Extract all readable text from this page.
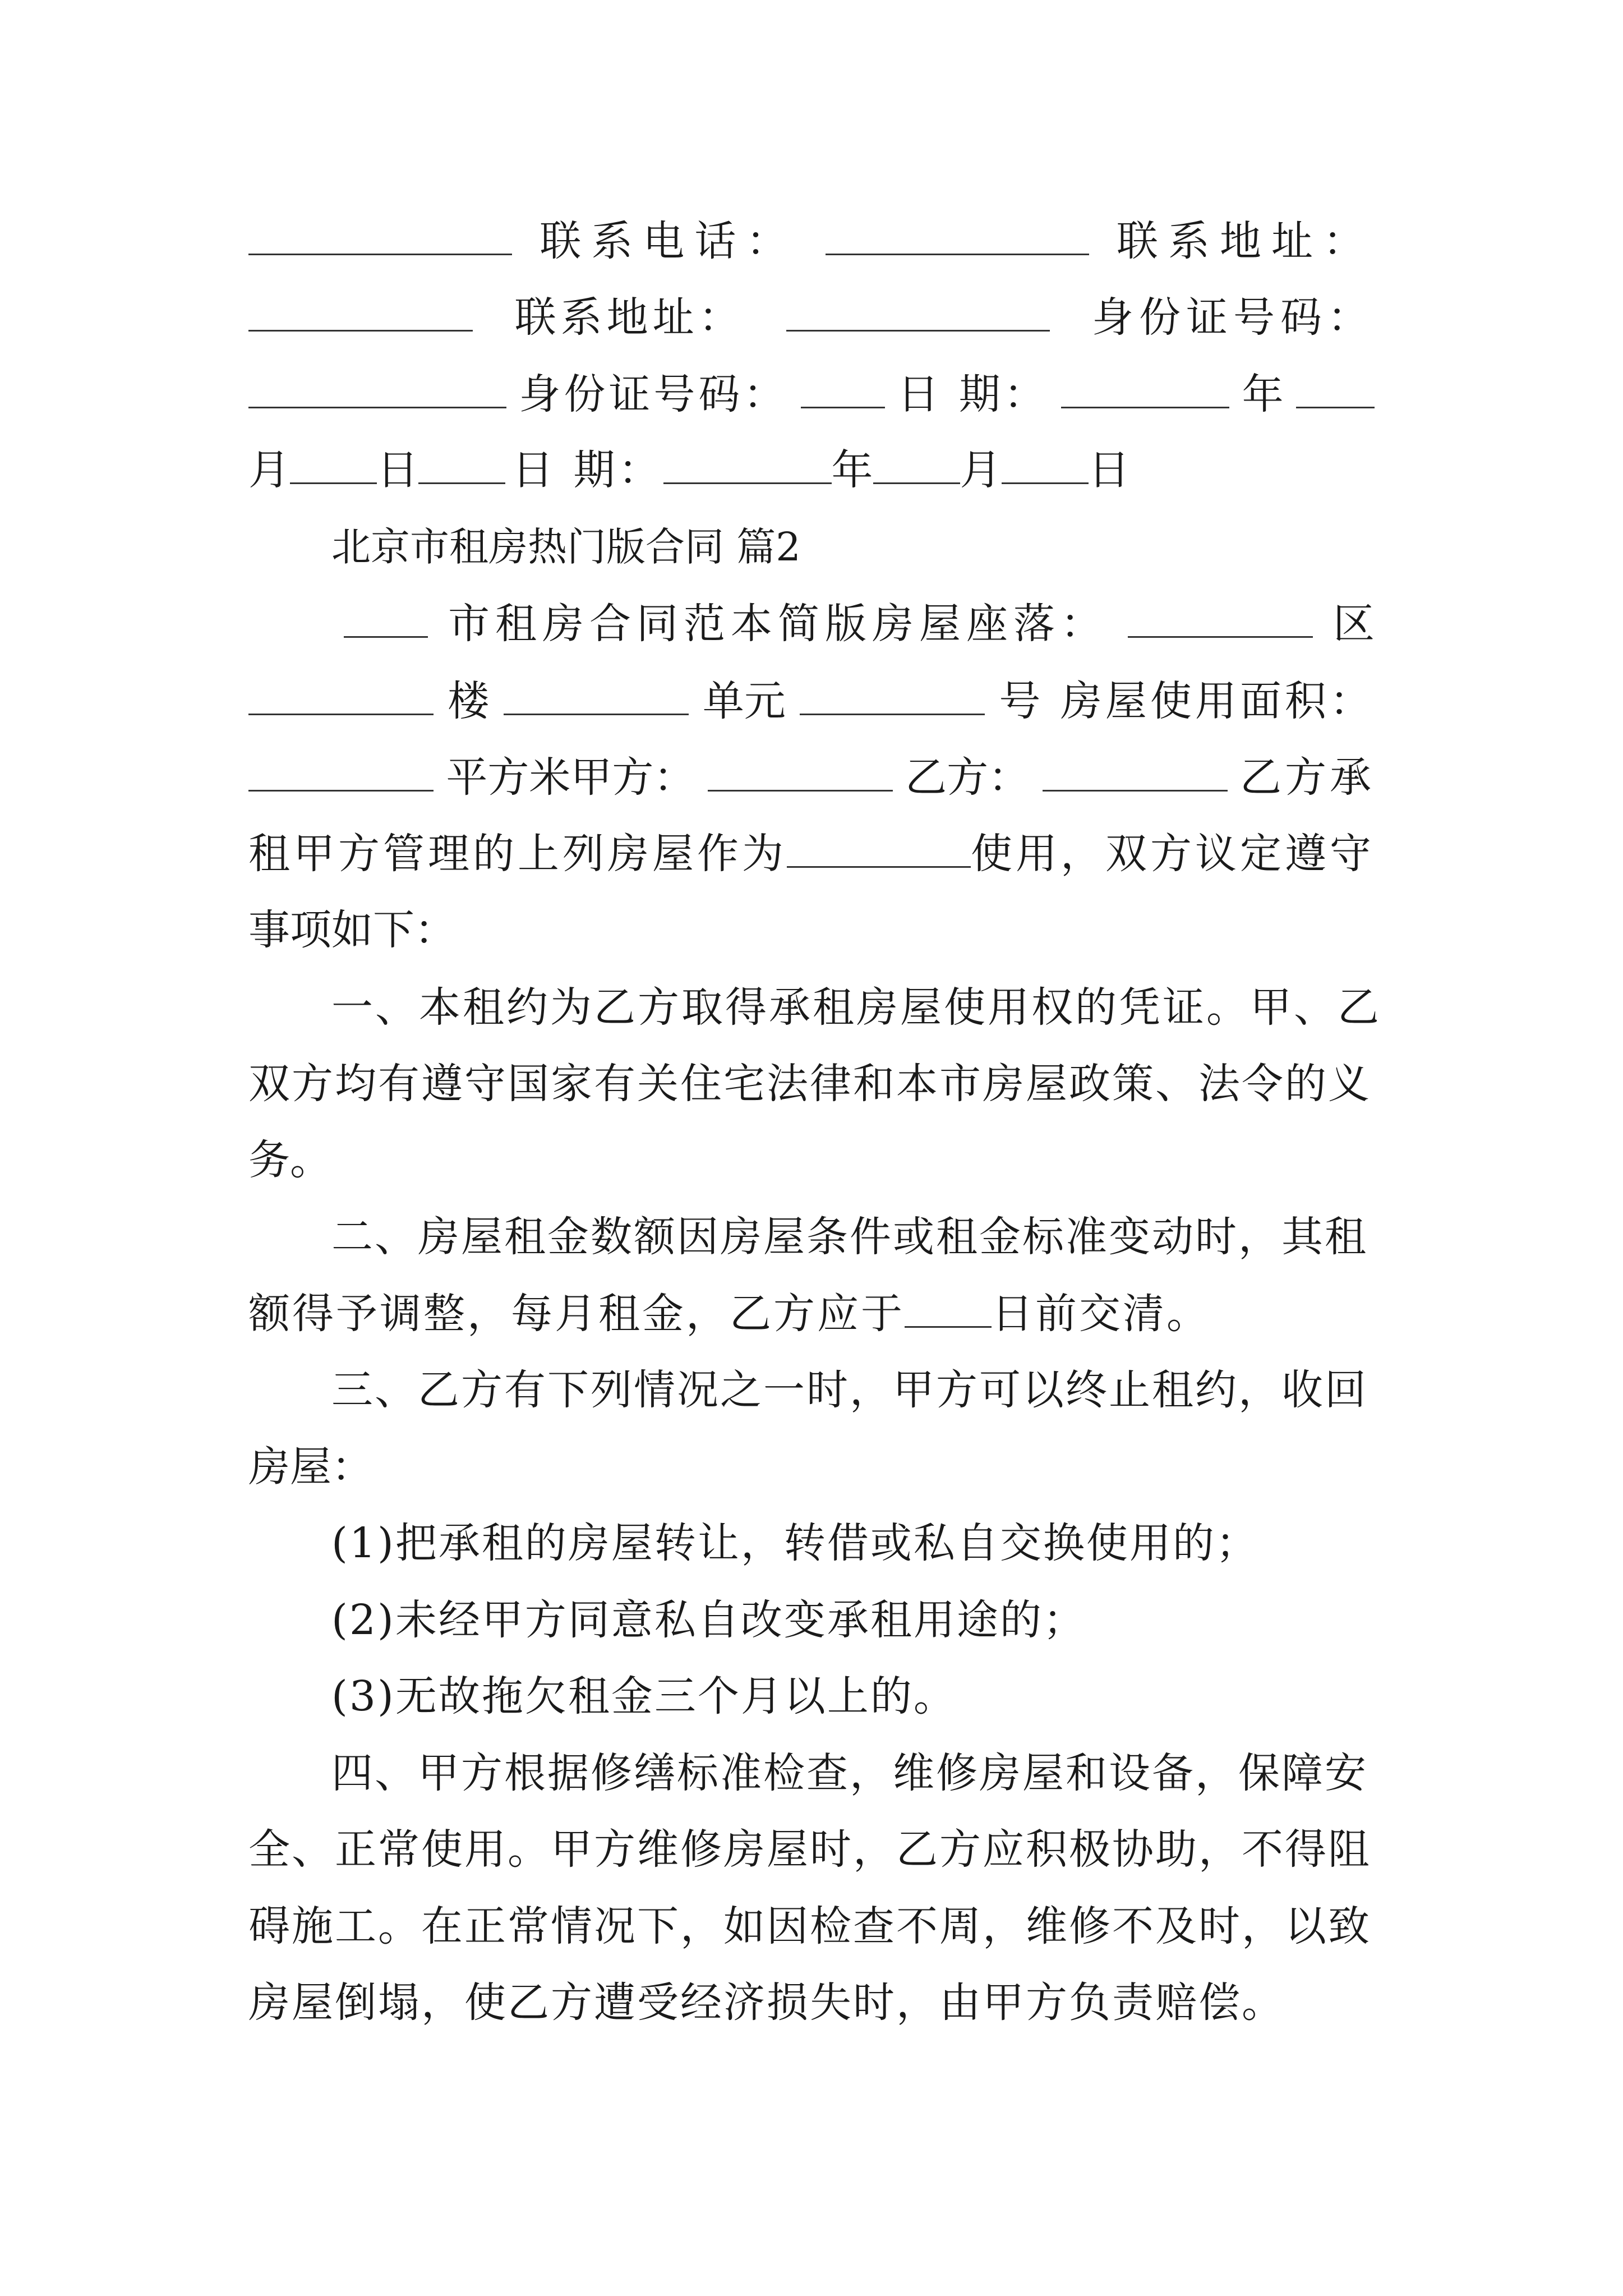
联系电话：	联系地址：
联系地址：	身份证号码：
身份证号码：	日 期：	年
月 日 日 期：	年 月 日
北京市租房热门版合同 篇2
市租房合同范本简版房屋座落：	区
楼	单元	号 房屋使用面积：
平方米甲方：	乙方：	乙方承
租甲方管理的上列房屋作为	使用，双方议定遵守
事项如下：
一、本租约为乙方取得承租房屋使用权的凭证。甲、乙
双方均有遵守国家有关住宅法律和本市房屋政策、法令的义
务。
二、房屋租金数额因房屋条件或租金标准变动时，其租
额得予调整，每月租金，乙方应于 日前交清。
三、乙方有下列情况之一时，甲方可以终止租约，收回
房屋：
(1)把承租的房屋转让，转借或私自交换使用的；
(2)未经甲方同意私自改变承租用途的；
(3)无故拖欠租金三个月以上的。
四、甲方根据修缮标准检查，维修房屋和设备，保障安
全、正常使用。甲方维修房屋时，乙方应积极协助，不得阻
碍施工。在正常情况下，如因检查不周，维修不及时，以致
房屋倒塌，使乙方遭受经济损失时，由甲方负责赔偿。
